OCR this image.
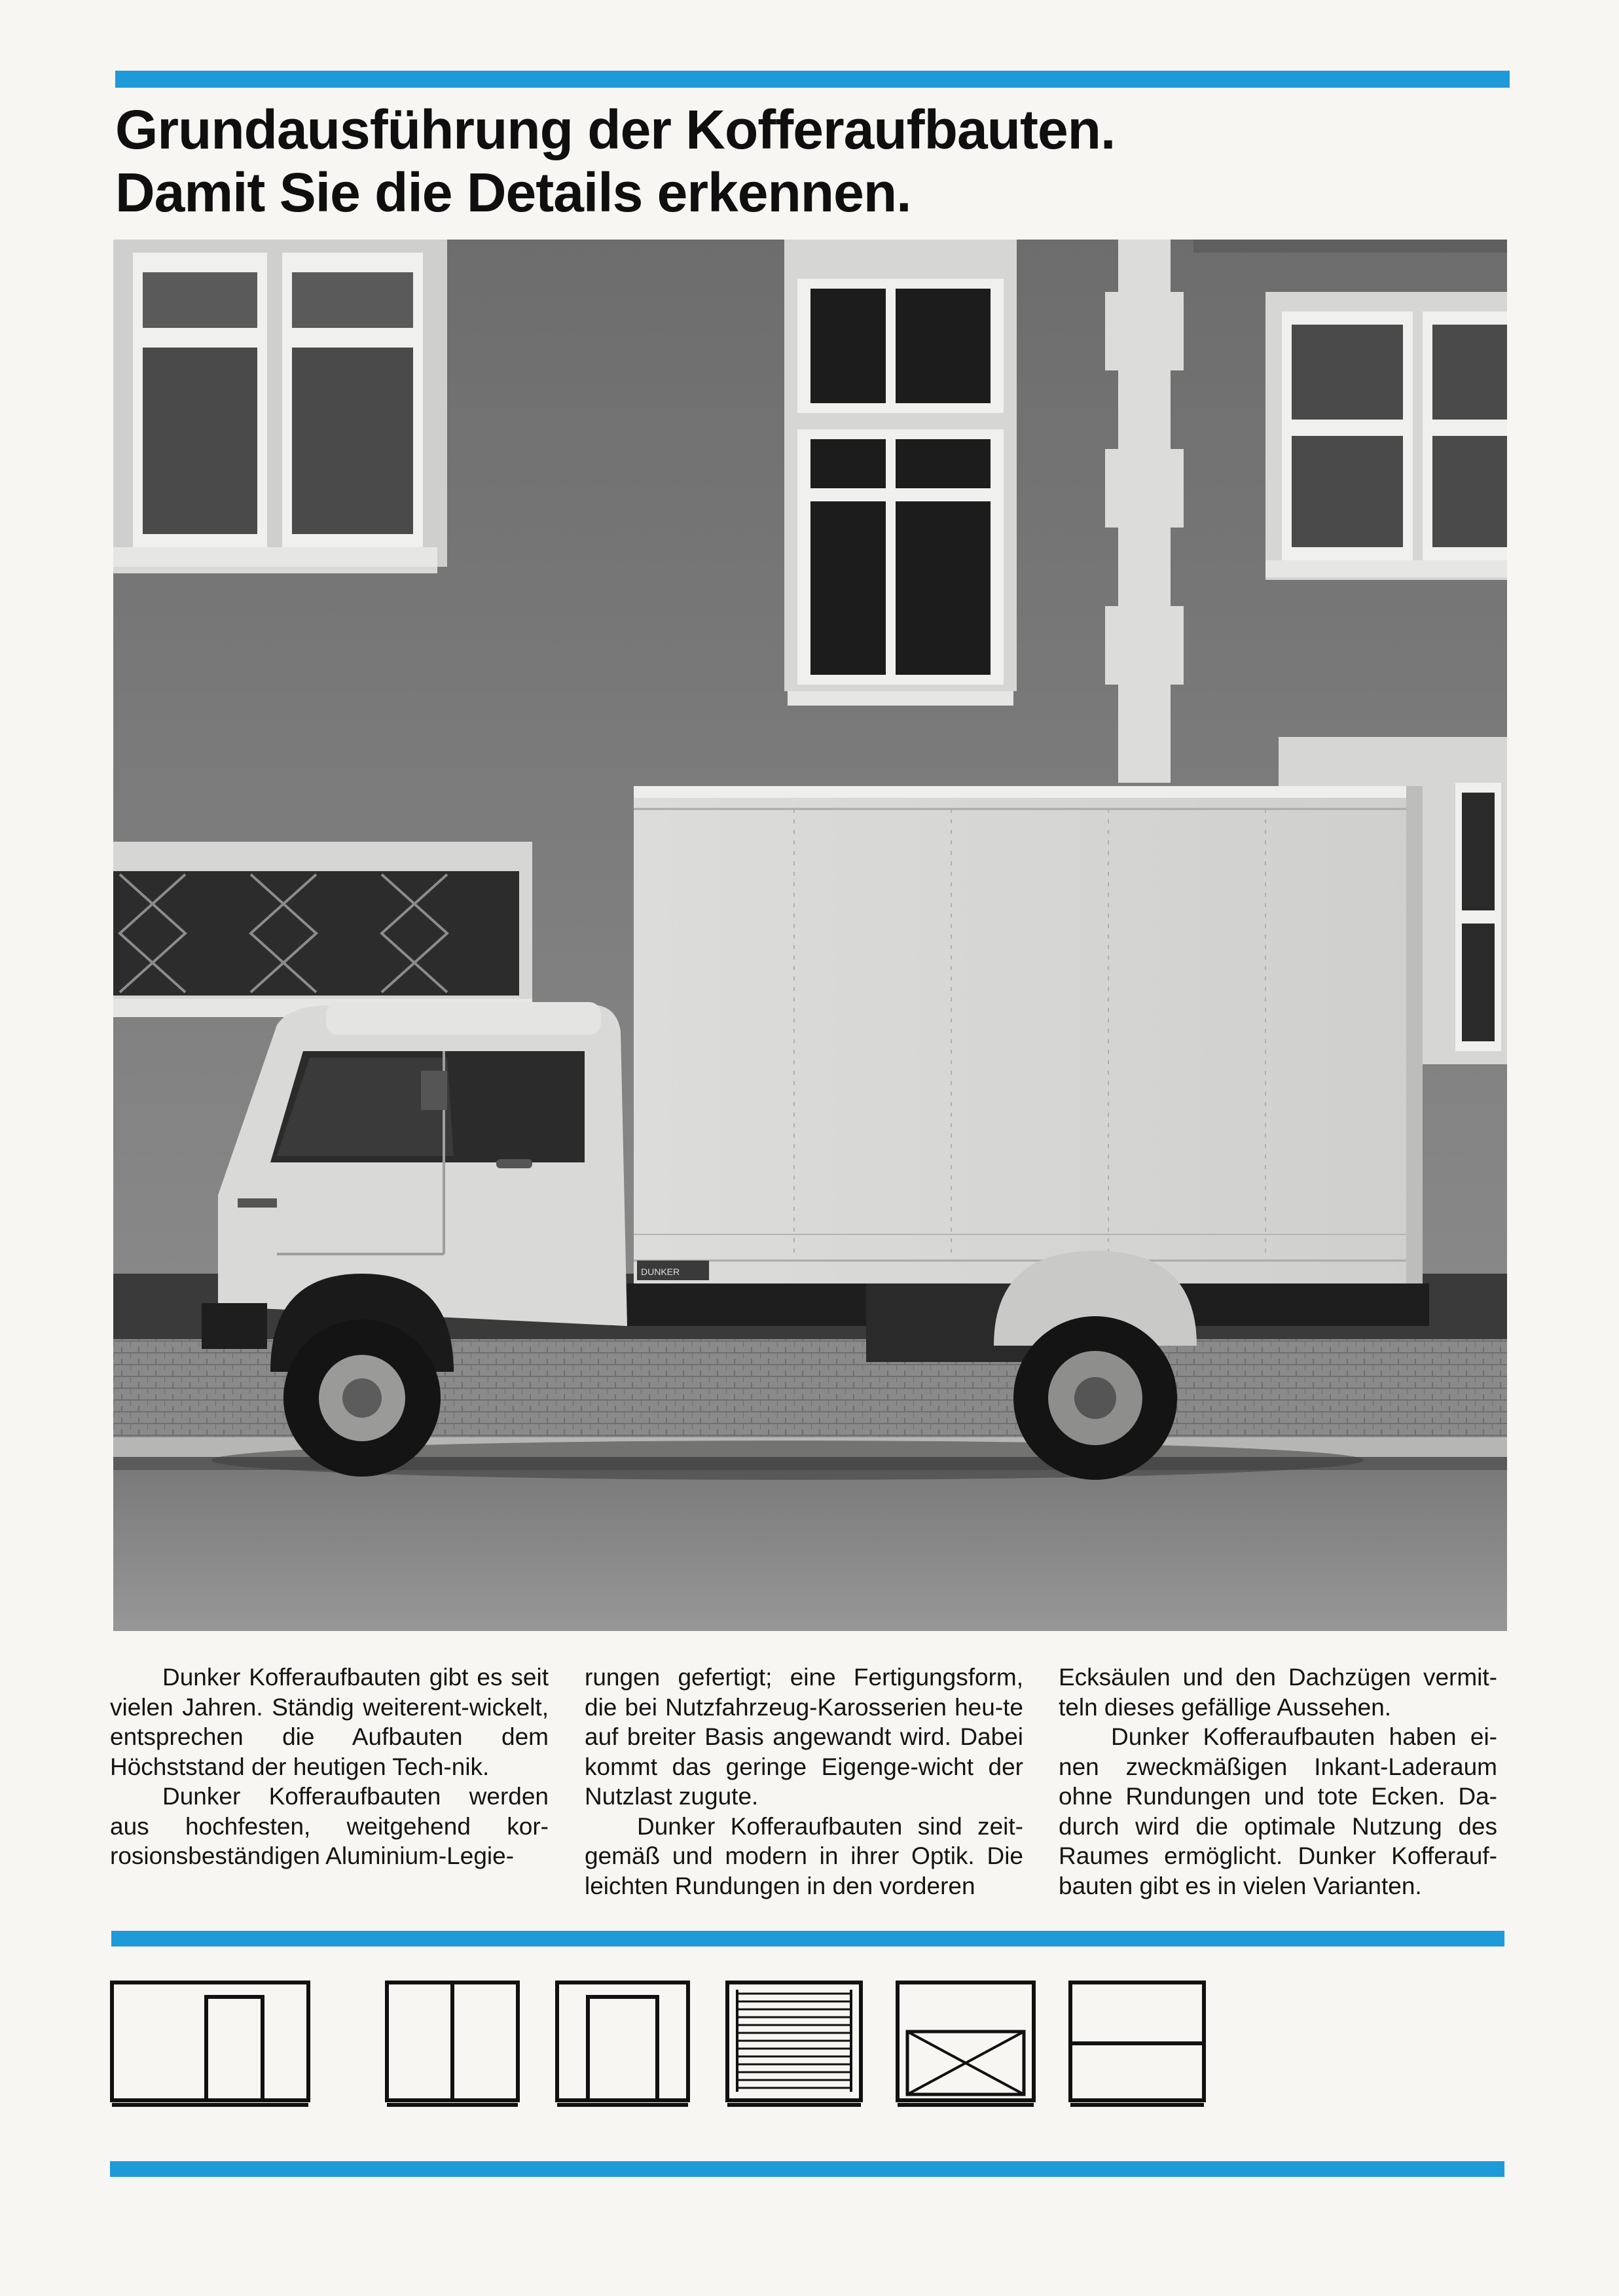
Grundausführung der Kofferaufbauten.
Damit Sie die Details erkennen.
DUNKER

Dunker Kofferaufbauten gibt es seit vielen Jahren. Ständig weiterent-wickelt, entsprechen die Aufbauten dem Höchststand der heutigen Tech-nik.

Dunker Kofferaufbauten werden aus hochfesten, weitgehend kor-rosionsbeständigen Aluminium-Legie-

rungen gefertigt; eine Fertigungsform, die bei Nutzfahrzeug-Karosserien heu-te auf breiter Basis angewandt wird. Dabei kommt das geringe Eigenge-wicht der Nutzlast zugute.

Dunker Kofferaufbauten sind zeit-gemäß und modern in ihrer Optik. Die leichten Rundungen in den vorderen

Ecksäulen und den Dachzügen vermit-teln dieses gefällige Aussehen.

Dunker Kofferaufbauten haben ei-nen zweckmäßigen Inkant-Laderaum ohne Rundungen und tote Ecken. Da-durch wird die optimale Nutzung des Raumes ermöglicht. Dunker Kofferauf-bauten gibt es in vielen Varianten.
